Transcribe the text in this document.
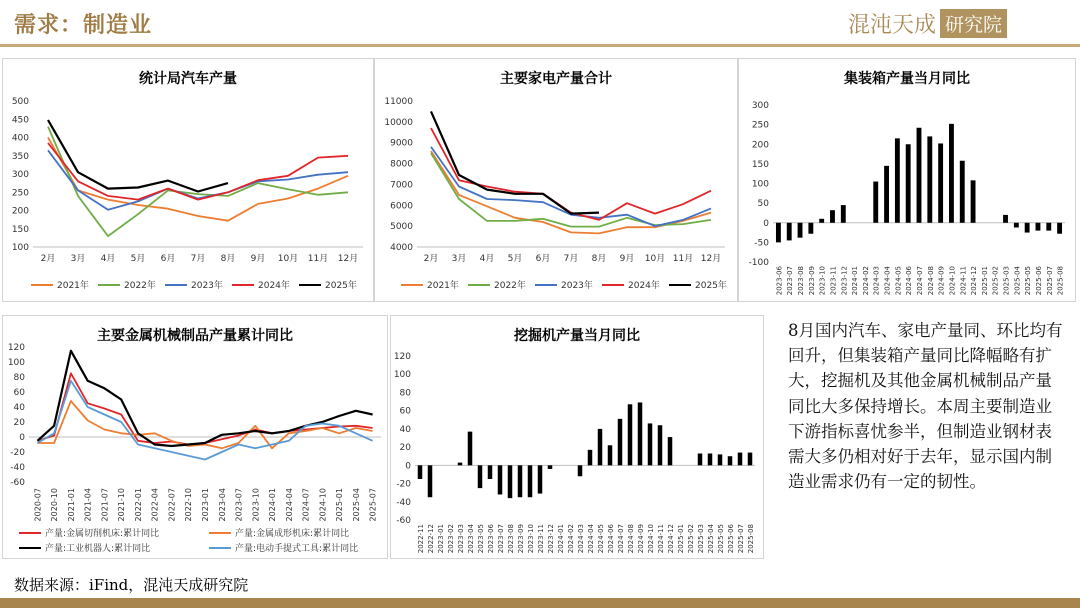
需求：制造业	混沌天成 研究院
统计局汽车产量
100
150
200
250
300
350
400
450
500
2月 3月 4月 5月 6月 7月 8月 9月 10月 11月 12月
2021年	2022年	2023年	2024年	2025年
主要家电产量合计
4000
5000
6000
7000
8000
9000
10000
11000
2月 3月 4月 5月 6月 7月 8月 9月 10月 11月 12月
2021年	2022年	2023年	2024年	2025年
集装箱产量当月同比
-100
-50
0
50
100
150
200
250
300
2023-06 2023-07 2023-08 2023-09 2023-10 2023-11 2023-12 2024-01 2024-02 2024-03 2024-04 2024-05 2024-06 2024-07 2024-08 2024-09 2024-10 2024-11 2024-12 2025-01 2025-02 2025-03 2025-04 2025-05 2025-06 2025-07 2025-08
主要金属机械制品产量累计同比
-60
-40
-20
0
20
40
60
80
100
120
2020-07 2020-10 2021-01 2021-04 2021-07 2021-10 2022-01 2022-04 2022-07 2022-10 2023-01 2023-04 2023-07 2023-10 2024-01 2024-04 2024-07 2024-10 2025-01 2025-04 2025-07
产量:金属切削机床:累计同比	产量:金属成形机床:累计同比
产量:工业机器人:累计同比	产量:电动手提式工具:累计同比
挖掘机产量当月同比
-60
-40
-20
0
20
40
60
80
100
120
2022-11 2022-12 2023-01 2023-02 2023-03 2023-04 2023-05 2023-06 2023-07 2023-08 2023-09 2023-10 2023-11 2023-12 2024-01 2024-02 2024-03 2024-04 2024-05 2024-06 2024-07 2024-08 2024-09 2024-10 2024-11 2024-12 2025-01 2025-02 2025-03 2025-04 2025-05 2025-06 2025-07 2025-08
8月国内汽车、家电产量同、环比均有回升，但集装箱产量同比降幅略有扩大，挖掘机及其他金属机械制品产量同比大多保持增长。本周主要制造业下游指标喜忧参半，但制造业钢材表需大多仍相对好于去年，显示国内制造业需求仍有一定的韧性。
数据来源：iFind，混沌天成研究院
